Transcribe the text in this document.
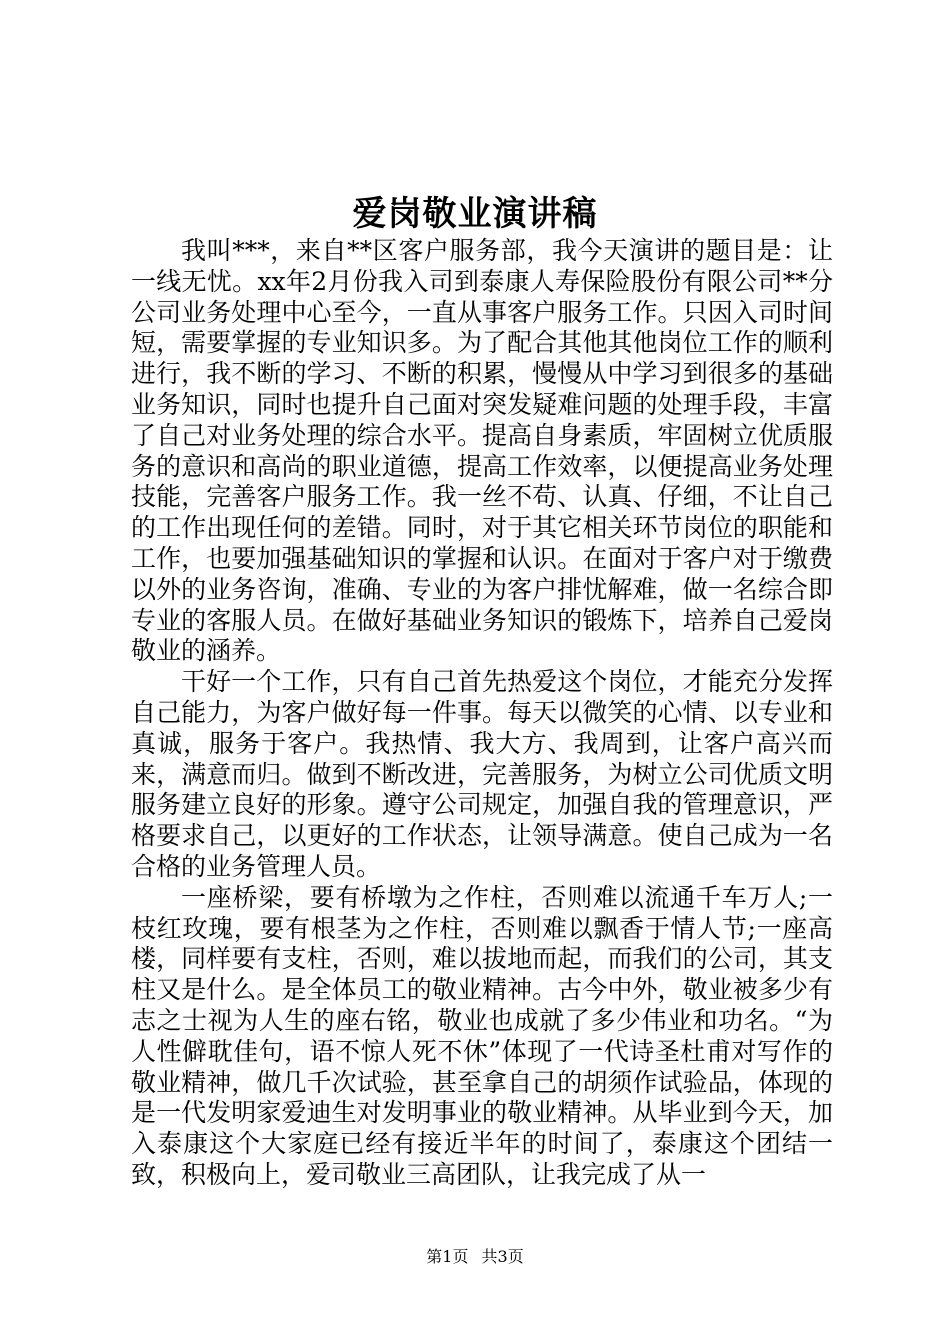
爱岗敬业演讲稿

我叫***，来自**区客户服务部，我今天演讲的题目是：让一线无忧。xx年2月份我入司到泰康人寿保险股份有限公司**分公司业务处理中心至今，一直从事客户服务工作。只因入司时间短，需要掌握的专业知识多。为了配合其他其他岗位工作的顺利进行，我不断的学习、不断的积累，慢慢从中学习到很多的基础业务知识，同时也提升自己面对突发疑难问题的处理手段，丰富了自己对业务处理的综合水平。提高自身素质，牢固树立优质服务的意识和高尚的职业道德，提高工作效率，以便提高业务处理技能，完善客户服务工作。我一丝不苟、认真、仔细，不让自己的工作出现任何的差错。同时，对于其它相关环节岗位的职能和工作，也要加强基础知识的掌握和认识。在面对于客户对于缴费以外的业务咨询，准确、专业的为客户排忧解难，做一名综合即专业的客服人员。在做好基础业务知识的锻炼下，培养自己爱岗敬业的涵养。

干好一个工作，只有自己首先热爱这个岗位，才能充分发挥自己能力，为客户做好每一件事。每天以微笑的心情、以专业和真诚，服务于客户。我热情、我大方、我周到，让客户高兴而来，满意而归。做到不断改进，完善服务，为树立公司优质文明服务建立良好的形象。遵守公司规定，加强自我的管理意识，严格要求自己，以更好的工作状态，让领导满意。使自己成为一名合格的业务管理人员。

一座桥梁，要有桥墩为之作柱，否则难以流通千车万人;一枝红玫瑰，要有根茎为之作柱，否则难以飘香于情人节;一座高楼，同样要有支柱，否则，难以拔地而起，而我们的公司，其支柱又是什么。是全体员工的敬业精神。古今中外，敬业被多少有志之士视为人生的座右铭，敬业也成就了多少伟业和功名。“为人性僻耽佳句，语不惊人死不休”体现了一代诗圣杜甫对写作的敬业精神，做几千次试验，甚至拿自己的胡须作试验品，体现的是一代发明家爱迪生对发明事业的敬业精神。从毕业到今天，加入泰康这个大家庭已经有接近半年的时间了，泰康这个团结一致，积极向上，爱司敬业三高团队，让我完成了从一

第1页 共3页
